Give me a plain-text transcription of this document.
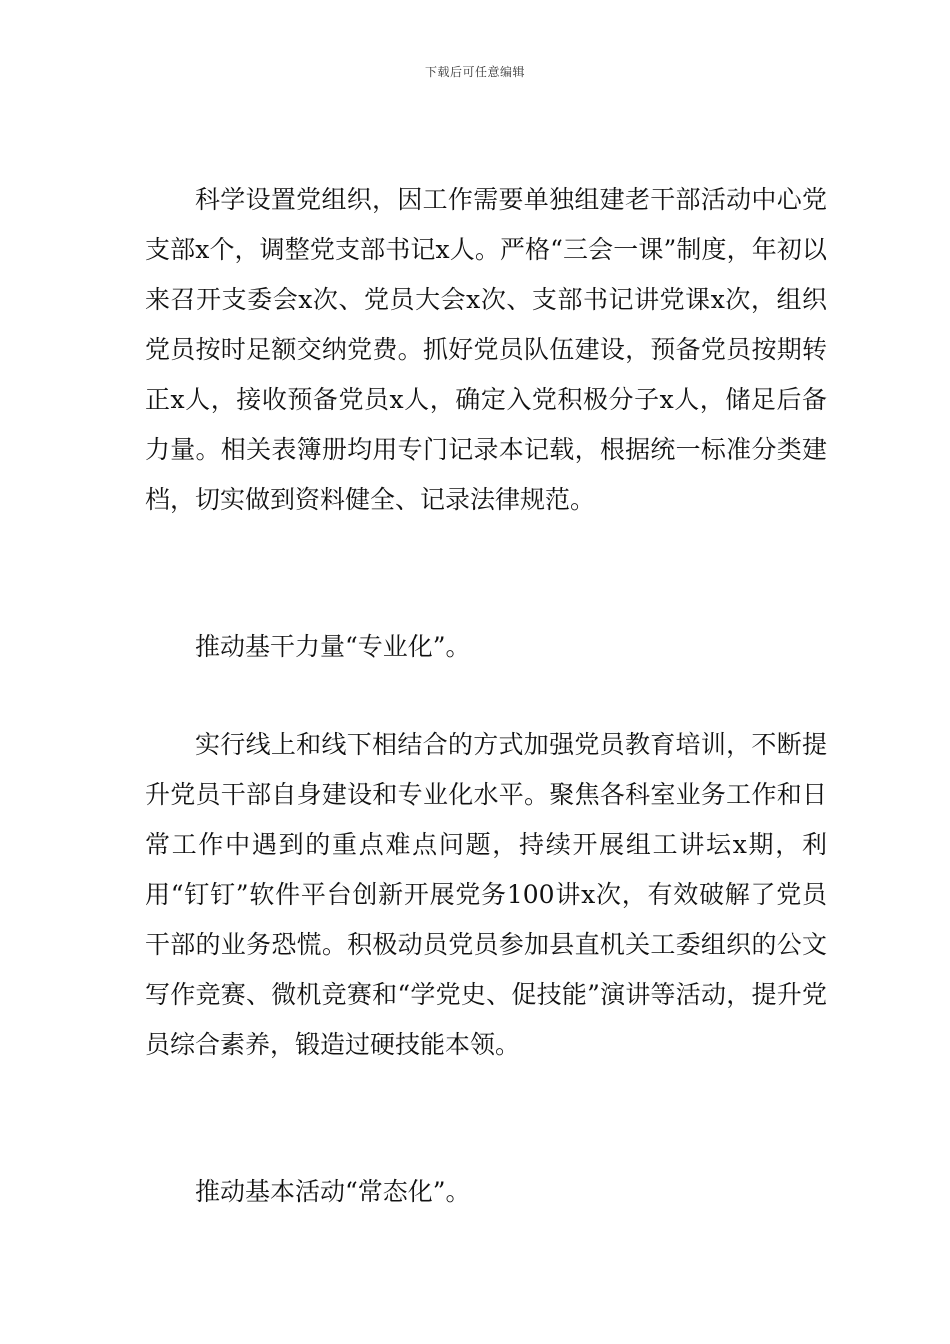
下载后可任意编辑

科学设置党组织，因工作需要单独组建老干部活动中心党支部x个，调整党支部书记x人。严格“三会一课”制度，年初以来召开支委会x次、党员大会x次、支部书记讲党课x次，组织党员按时足额交纳党费。抓好党员队伍建设，预备党员按期转正x人，接收预备党员x人，确定入党积极分子x人，储足后备力量。相关表簿册均用专门记录本记载，根据统一标准分类建档，切实做到资料健全、记录法律规范。

推动基干力量“专业化”。

实行线上和线下相结合的方式加强党员教育培训，不断提升党员干部自身建设和专业化水平。聚焦各科室业务工作和日常工作中遇到的重点难点问题，持续开展组工讲坛x期，利用“钉钉”软件平台创新开展党务100讲x次，有效破解了党员干部的业务恐慌。积极动员党员参加县直机关工委组织的公文写作竞赛、微机竞赛和“学党史、促技能”演讲等活动，提升党员综合素养，锻造过硬技能本领。

推动基本活动“常态化”。
